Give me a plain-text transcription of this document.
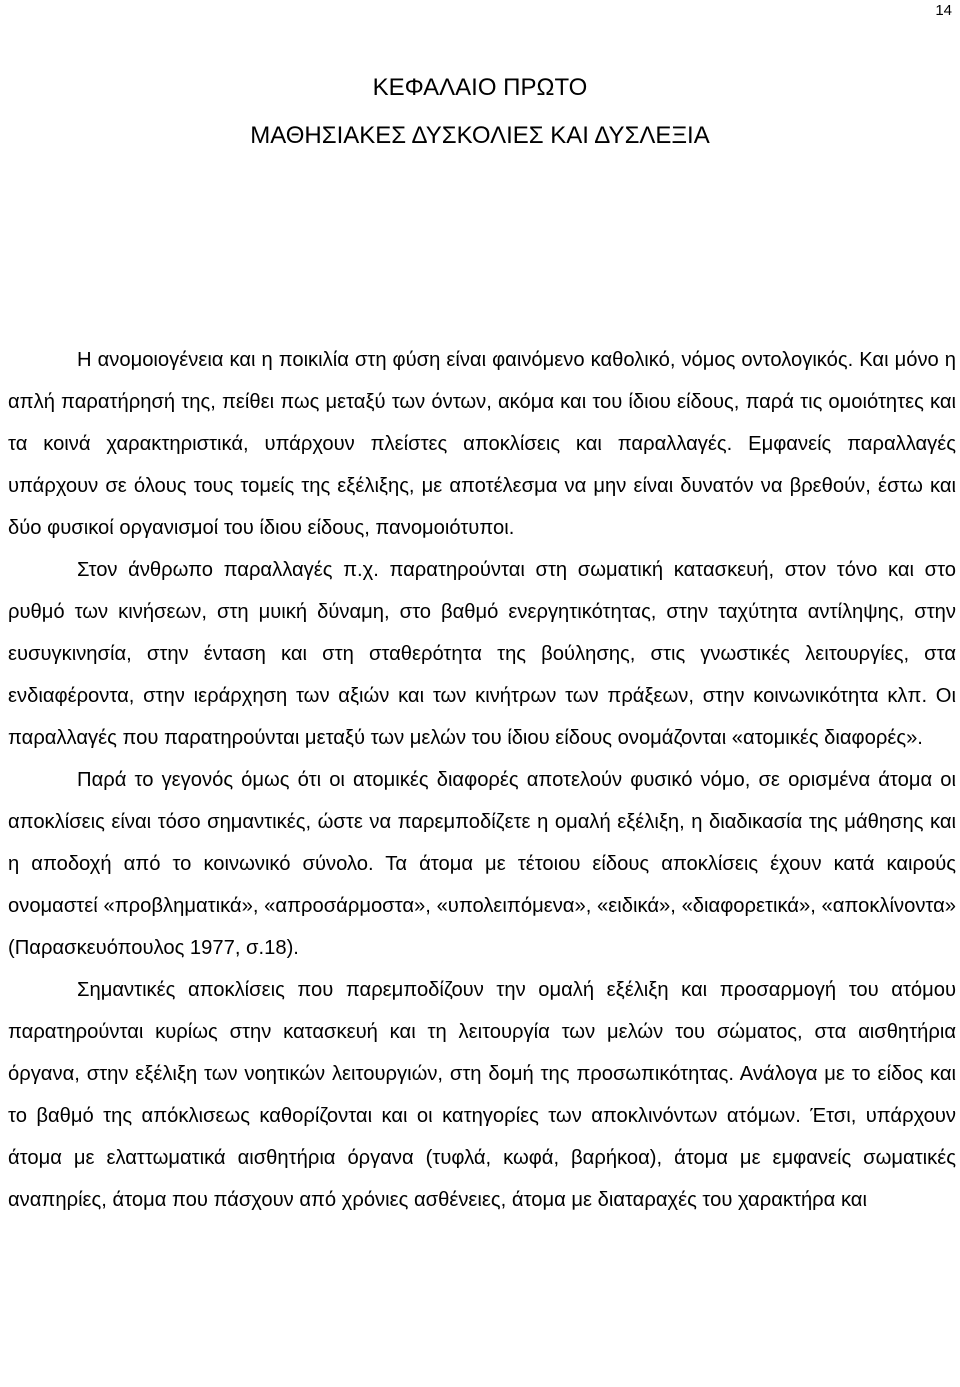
14
ΚΕΦΑΛΑΙΟ ΠΡΩΤΟ
ΜΑΘΗΣΙΑΚΕΣ ΔΥΣΚΟΛΙΕΣ ΚΑΙ ΔΥΣΛΕΞΙΑ

Η ανομοιογένεια και η ποικιλία στη φύση είναι φαινόμενο καθολικό, νόμος οντολογικός. Και μόνο η απλή παρατήρησή της, πείθει πως μεταξύ των όντων, ακόμα και του ίδιου είδους, παρά τις ομοιότητες και τα κοινά χαρακτηριστικά, υπάρχουν πλείστες αποκλίσεις και παραλλαγές. Εμφανείς παραλλαγές υπάρχουν σε όλους τους τομείς της εξέλιξης, με αποτέλεσμα να μην είναι δυνατόν να βρεθούν, έστω και δύο φυσικοί οργανισμοί του ίδιου είδους, πανομοιότυποι.

Στον άνθρωπο παραλλαγές π.χ. παρατηρούνται στη σωματική κατασκευή, στον τόνο και στο ρυθμό των κινήσεων, στη μυική δύναμη, στο βαθμό ενεργητικότητας, στην ταχύτητα αντίληψης, στην ευσυγκινησία, στην ένταση και στη σταθερότητα της βούλησης, στις γνωστικές λειτουργίες, στα ενδιαφέροντα, στην ιεράρχηση των αξιών και των κινήτρων των πράξεων, στην κοινωνικότητα κλπ. Οι παραλλαγές που παρατηρούνται μεταξύ των μελών του ίδιου είδους ονομάζονται «ατομικές διαφορές».

Παρά το γεγονός όμως ότι οι ατομικές διαφορές αποτελούν φυσικό νόμο, σε ορισμένα άτομα οι αποκλίσεις είναι τόσο σημαντικές, ώστε να παρεμποδίζετε η ομαλή εξέλιξη, η διαδικασία της μάθησης και η αποδοχή από το κοινωνικό σύνολο. Τα άτομα με τέτοιου είδους αποκλίσεις έχουν κατά καιρούς ονομαστεί «προβληματικά», «απροσάρμοστα», «υπολειπόμενα», «ειδικά», «διαφορετικά», «αποκλίνοντα» (Παρασκευόπουλος 1977, σ.18).

Σημαντικές αποκλίσεις που παρεμποδίζουν την ομαλή εξέλιξη και προσαρμογή του ατόμου παρατηρούνται κυρίως στην κατασκευή και τη λειτουργία των μελών του σώματος, στα αισθητήρια όργανα, στην εξέλιξη των νοητικών λειτουργιών, στη δομή της προσωπικότητας. Ανάλογα με το είδος και το βαθμό της απόκλισεως καθορίζονται και οι κατηγορίες των αποκλινόντων ατόμων. Έτσι, υπάρχουν άτομα με ελαττωματικά αισθητήρια όργανα (τυφλά, κωφά, βαρήκοα), άτομα με εμφανείς σωματικές αναπηρίες, άτομα που πάσχουν από χρόνιες ασθένειες, άτομα με διαταραχές του χαρακτήρα και
